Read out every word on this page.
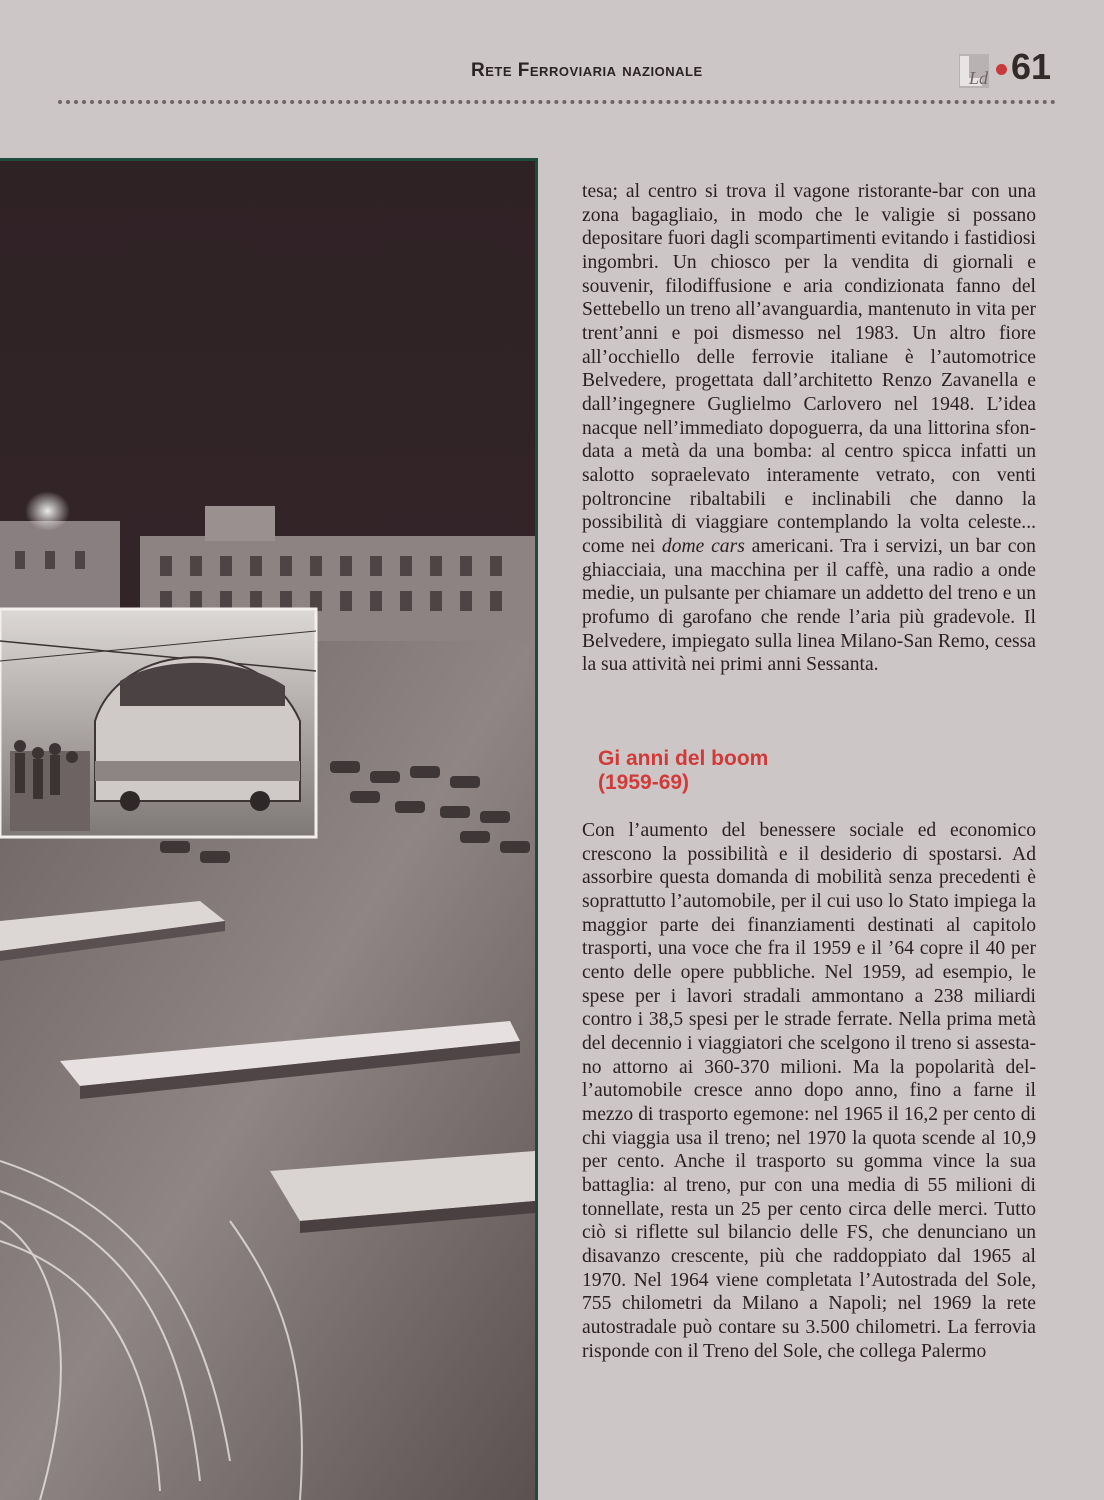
Rete Ferroviaria nazionale	Ld 61

tesa; al centro si trova il vagone ristorante-bar con una zona bagagliaio, in modo che le valigie si possano depositare fuori dagli scompartimenti evitando i fastidiosi ingombri. Un chiosco per la vendita di giornali e souvenir, filodiffusione e aria condizionata fanno del Settebello un treno all’avanguardia, mantenuto in vita per trent’anni e poi dismesso nel 1983. Un altro fiore all’occhiello delle ferrovie italiane è l’automotrice Belvedere, progettata dall’architetto Renzo Zavanella e dall’ingegnere Guglielmo Carlovero nel 1948. L’idea nacque nell’immediato dopoguerra, da una littorina sfondata a metà da una bomba: al centro spicca infatti un salotto sopraelevato interamente vetrato, con venti poltroncine ribaltabili e inclinabili che danno la possibilità di viaggiare contemplando la volta celeste... come nei dome cars americani. Tra i servizi, un bar con ghiacciaia, una macchina per il caffè, una radio a onde medie, un pulsante per chiamare un addetto del treno e un profumo di garofano che rende l’aria più gradevole. Il Belvedere, impiegato sulla linea Milano-San Remo, cessa la sua attività nei primi anni Sessanta.

Gi anni del boom
(1959-69)

Con l’aumento del benessere sociale ed economico crescono la possibilità e il desiderio di spostarsi. Ad assorbire questa domanda di mobilità senza precedenti è soprattutto l’automobile, per il cui uso lo Stato impiega la maggior parte dei finanziamenti destinati al capitolo trasporti, una voce che fra il 1959 e il ’64 copre il 40 per cento delle opere pubbliche. Nel 1959, ad esempio, le spese per i lavori stradali ammontano a 238 miliardi contro i 38,5 spesi per le strade ferrate. Nella prima metà del decennio i viaggiatori che scelgono il treno si assestano attorno ai 360-370 milioni. Ma la popolarità dell’automobile cresce anno dopo anno, fino a farne il mezzo di trasporto egemone: nel 1965 il 16,2 per cento di chi viaggia usa il treno; nel 1970 la quota scende al 10,9 per cento. Anche il trasporto su gomma vince la sua battaglia: al treno, pur con una media di 55 milioni di tonnellate, resta un 25 per cento circa delle merci. Tutto ciò si riflette sul bilancio delle FS, che denunciano un disavanzo crescente, più che raddoppiato dal 1965 al 1970. Nel 1964 viene completata l’Autostrada del Sole, 755 chilometri da Milano a Napoli; nel 1969 la rete autostradale può contare su 3.500 chilometri. La ferrovia risponde con il Treno del Sole, che collega Palermo
